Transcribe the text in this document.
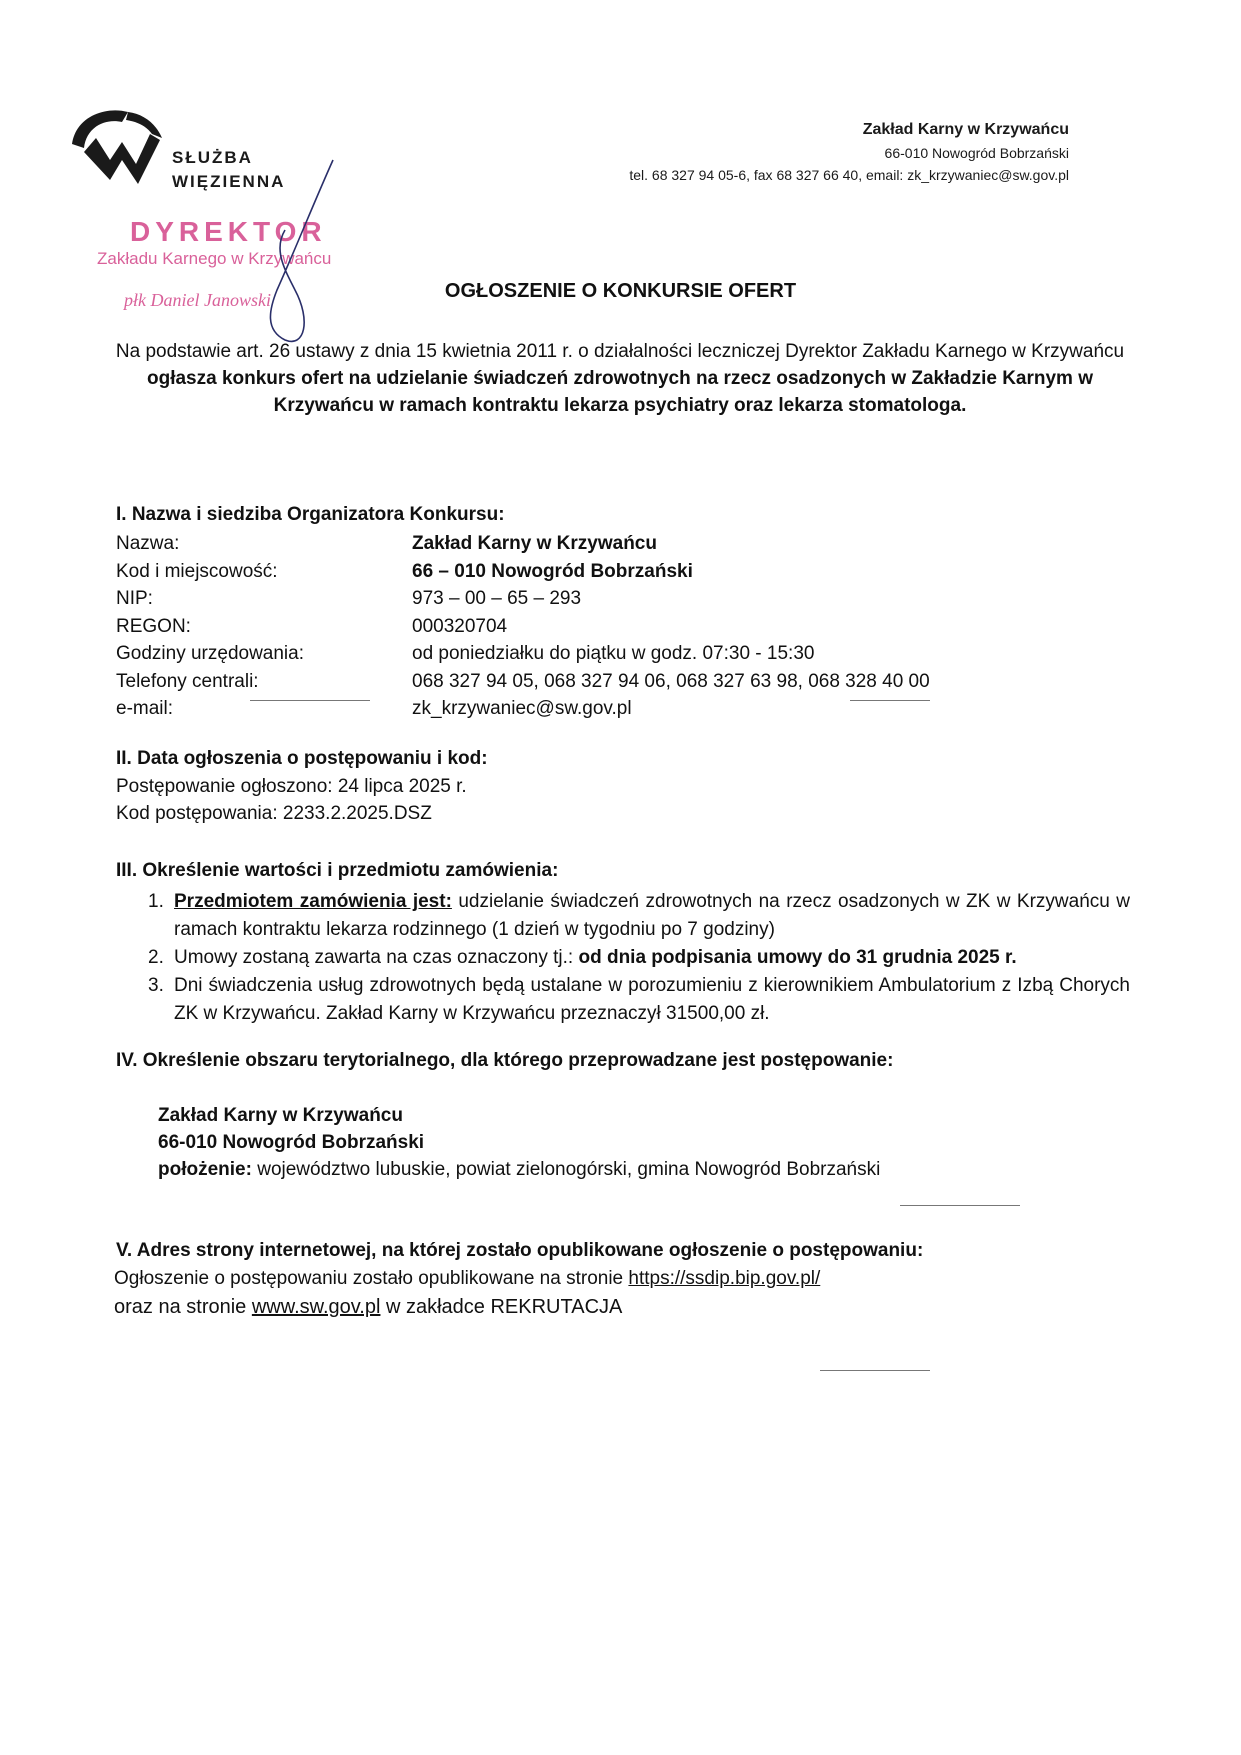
SŁUŻBA
WIĘZIENNA
Zakład Karny w Krzywańcu
66-010 Nowogród Bobrzański
tel. 68 327 94 05-6, fax 68 327 66 40, email: zk_krzywaniec@sw.gov.pl
DYREKTOR
Zakładu Karnego w Krzywańcu
płk Daniel Janowski	OGŁOSZENIE O KONKURSIE OFERT
Na podstawie art. 26 ustawy z dnia 15 kwietnia 2011 r. o działalności leczniczej Dyrektor Zakładu Karnego w Krzywańcu ogłasza konkurs ofert na udzielanie świadczeń zdrowotnych na rzecz osadzonych w Zakładzie Karnym w Krzywańcu w ramach kontraktu lekarza psychiatry oraz lekarza stomatologa.
I. Nazwa i siedziba Organizatora Konkursu:
Nazwa:	Zakład Karny w Krzywańcu
Kod i miejscowość:	66 – 010 Nowogród Bobrzański
NIP:	973 – 00 – 65 – 293
REGON:	000320704
Godziny urzędowania:	od poniedziałku do piątku w godz. 07:30 - 15:30
Telefony centrali:	068 327 94 05, 068 327 94 06, 068 327 63 98, 068 328 40 00
e-mail:	zk_krzywaniec@sw.gov.pl
II. Data ogłoszenia o postępowaniu i kod:
Postępowanie ogłoszono: 24 lipca 2025 r.
Kod postępowania: 2233.2.2025.DSZ
III. Określenie wartości i przedmiotu zamówienia:
1. Przedmiotem zamówienia jest: udzielanie świadczeń zdrowotnych na rzecz osadzonych w ZK w Krzywańcu w ramach kontraktu lekarza rodzinnego (1 dzień w tygodniu po 7 godziny)
2. Umowy zostaną zawarta na czas oznaczony tj.: od dnia podpisania umowy do 31 grudnia 2025 r.
3. Dni świadczenia usług zdrowotnych będą ustalane w porozumieniu z kierownikiem Ambulatorium z Izbą Chorych ZK w Krzywańcu. Zakład Karny w Krzywańcu przeznaczył 31500,00 zł.
IV. Określenie obszaru terytorialnego, dla którego przeprowadzane jest postępowanie:
Zakład Karny w Krzywańcu
66-010 Nowogród Bobrzański
położenie: województwo lubuskie, powiat zielonogórski, gmina Nowogród Bobrzański
V. Adres strony internetowej, na której zostało opublikowane ogłoszenie o postępowaniu:
Ogłoszenie o postępowaniu zostało opublikowane na stronie https://ssdip.bip.gov.pl/
oraz na stronie www.sw.gov.pl w zakładce REKRUTACJA
